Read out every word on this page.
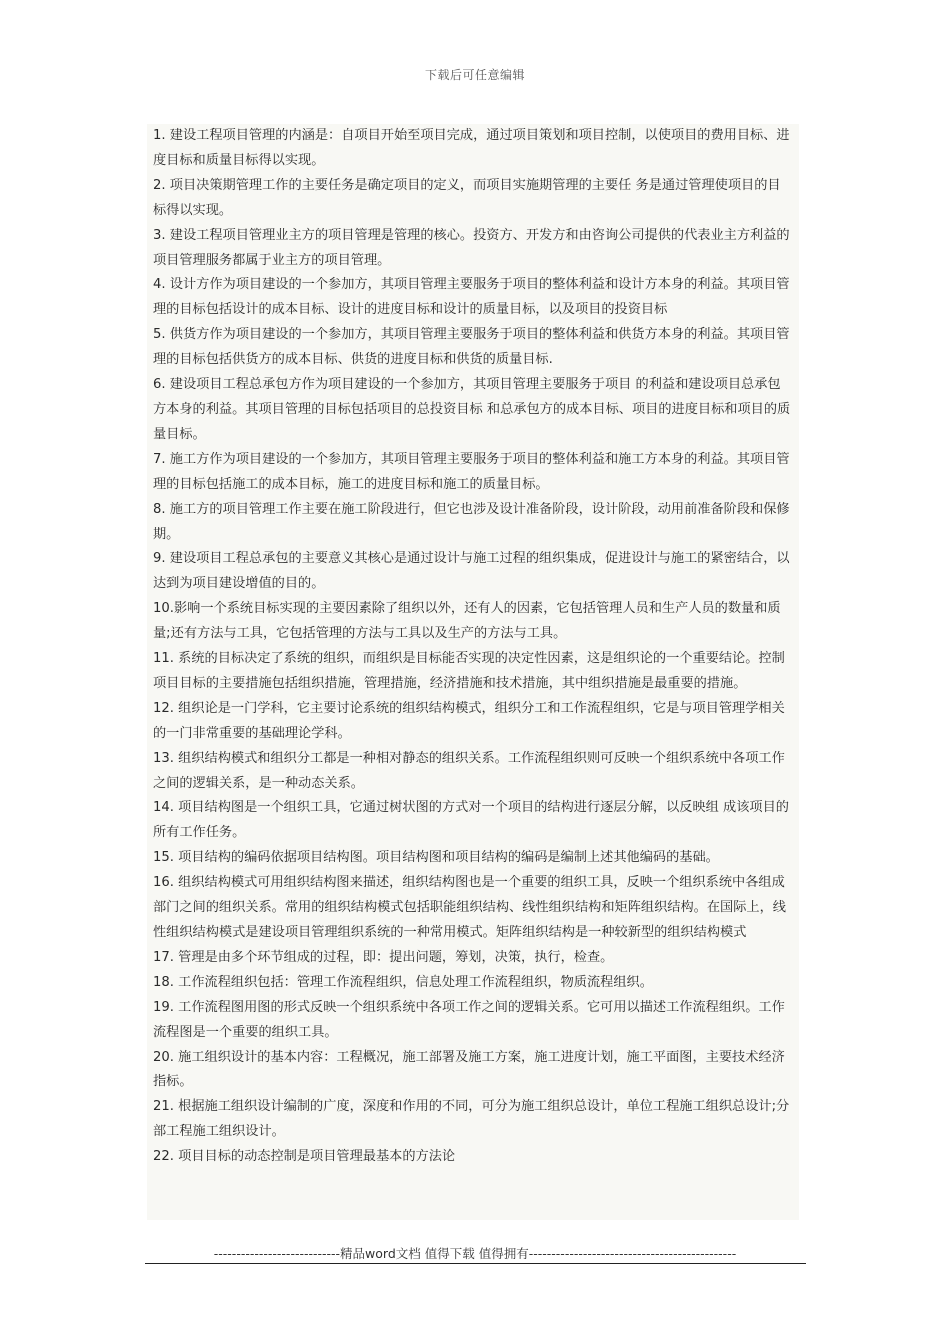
下载后可任意编辑

1. 建设工程项目管理的内涵是：自项目开始至项目完成，通过项目策划和项目控制，以使项目的费用目标、进度目标和质量目标得以实现。

2. 项目决策期管理工作的主要任务是确定项目的定义，而项目实施期管理的主要任 务是通过管理使项目的目标得以实现。

3. 建设工程项目管理业主方的项目管理是管理的核心。投资方、开发方和由咨询公司提供的代表业主方利益的项目管理服务都属于业主方的项目管理。

4. 设计方作为项目建设的一个参加方，其项目管理主要服务于项目的整体利益和设计方本身的利益。其项目管理的目标包括设计的成本目标、设计的进度目标和设计的质量目标，以及项目的投资目标

5. 供货方作为项目建设的一个参加方，其项目管理主要服务于项目的整体利益和供货方本身的利益。其项目管理的目标包括供货方的成本目标、供货的进度目标和供货的质量目标.

6. 建设项目工程总承包方作为项目建设的一个参加方，其项目管理主要服务于项目 的利益和建设项目总承包方本身的利益。其项目管理的目标包括项目的总投资目标 和总承包方的成本目标、项目的进度目标和项目的质量目标。

7. 施工方作为项目建设的一个参加方，其项目管理主要服务于项目的整体利益和施工方本身的利益。其项目管理的目标包括施工的成本目标，施工的进度目标和施工的质量目标。

8. 施工方的项目管理工作主要在施工阶段进行，但它也涉及设计准备阶段，设计阶段，动用前准备阶段和保修期。

9. 建设项目工程总承包的主要意义其核心是通过设计与施工过程的组织集成，促进设计与施工的紧密结合，以达到为项目建设增值的目的。

10.影响一个系统目标实现的主要因素除了组织以外，还有人的因素，它包括管理人员和生产人员的数量和质量;还有方法与工具，它包括管理的方法与工具以及生产的方法与工具。

11. 系统的目标决定了系统的组织，而组织是目标能否实现的决定性因素，这是组织论的一个重要结论。控制项目目标的主要措施包括组织措施，管理措施，经济措施和技术措施，其中组织措施是最重要的措施。

12. 组织论是一门学科，它主要讨论系统的组织结构模式，组织分工和工作流程组织，它是与项目管理学相关的一门非常重要的基础理论学科。

13. 组织结构模式和组织分工都是一种相对静态的组织关系。工作流程组织则可反映一个组织系统中各项工作之间的逻辑关系，是一种动态关系。

14. 项目结构图是一个组织工具，它通过树状图的方式对一个项目的结构进行逐层分解，以反映组 成该项目的所有工作任务。

15. 项目结构的编码依据项目结构图。项目结构图和项目结构的编码是编制上述其他编码的基础。

16. 组织结构模式可用组织结构图来描述，组织结构图也是一个重要的组织工具，反映一个组织系统中各组成部门之间的组织关系。常用的组织结构模式包括职能组织结构、线性组织结构和矩阵组织结构。在国际上，线性组织结构模式是建设项目管理组织系统的一种常用模式。矩阵组织结构是一种较新型的组织结构模式

17. 管理是由多个环节组成的过程，即：提出问题，筹划，决策，执行，检查。

18. 工作流程组织包括：管理工作流程组织，信息处理工作流程组织，物质流程组织。

19. 工作流程图用图的形式反映一个组织系统中各项工作之间的逻辑关系。它可用以描述工作流程组织。工作流程图是一个重要的组织工具。

20. 施工组织设计的基本内容：工程概况，施工部署及施工方案，施工进度计划，施工平面图，主要技术经济指标。

21. 根据施工组织设计编制的广度，深度和作用的不同，可分为施工组织总设计，单位工程施工组织总设计;分部工程施工组织设计。

22. 项目目标的动态控制是项目管理最基本的方法论

----------------------------精品word文档 值得下载 值得拥有----------------------------------------------
